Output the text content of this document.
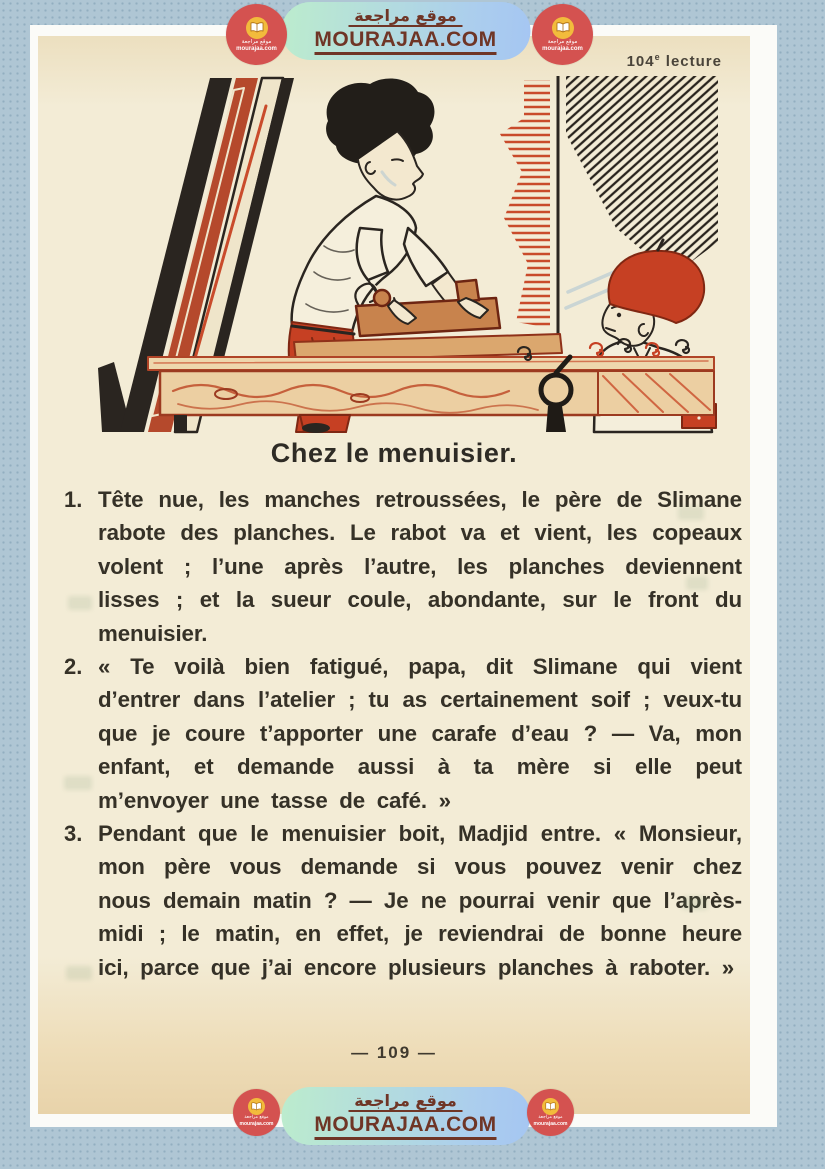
104e lecture
Chez le menuisier.
1. Tête nue, les manches retroussées, le père de Slimane rabote des planches. Le rabot va et vient, les copeaux volent ; l’une après l’autre, les planches deviennent lisses ; et la sueur coule, abondante, sur le front du menuisier.
2. « Te voilà bien fatigué, papa, dit Slimane qui vient d’entrer dans l’atelier ; tu as certainement soif ; veux-tu que je coure t’apporter une carafe d’eau ? — Va, mon enfant, et demande aussi à ta mère si elle peut m’envoyer une tasse de café. »
3. Pendant que le menuisier boit, Madjid entre. « Monsieur, mon père vous demande si vous pouvez venir chez nous demain matin ? — Je ne pourrai venir que l’après-midi ; le matin, en effet, je reviendrai de bonne heure ici, parce que j’ai encore plusieurs planches à raboter. »
— 109 —
موقع مراجعة
MOURAJAA.COM
موقع مراجعة
MOURAJAA.COM
موقع مراجعة
mourajaa.com
موقع مراجعة
mourajaa.com
موقع مراجعة
mourajaa.com
موقع مراجعة
mourajaa.com
